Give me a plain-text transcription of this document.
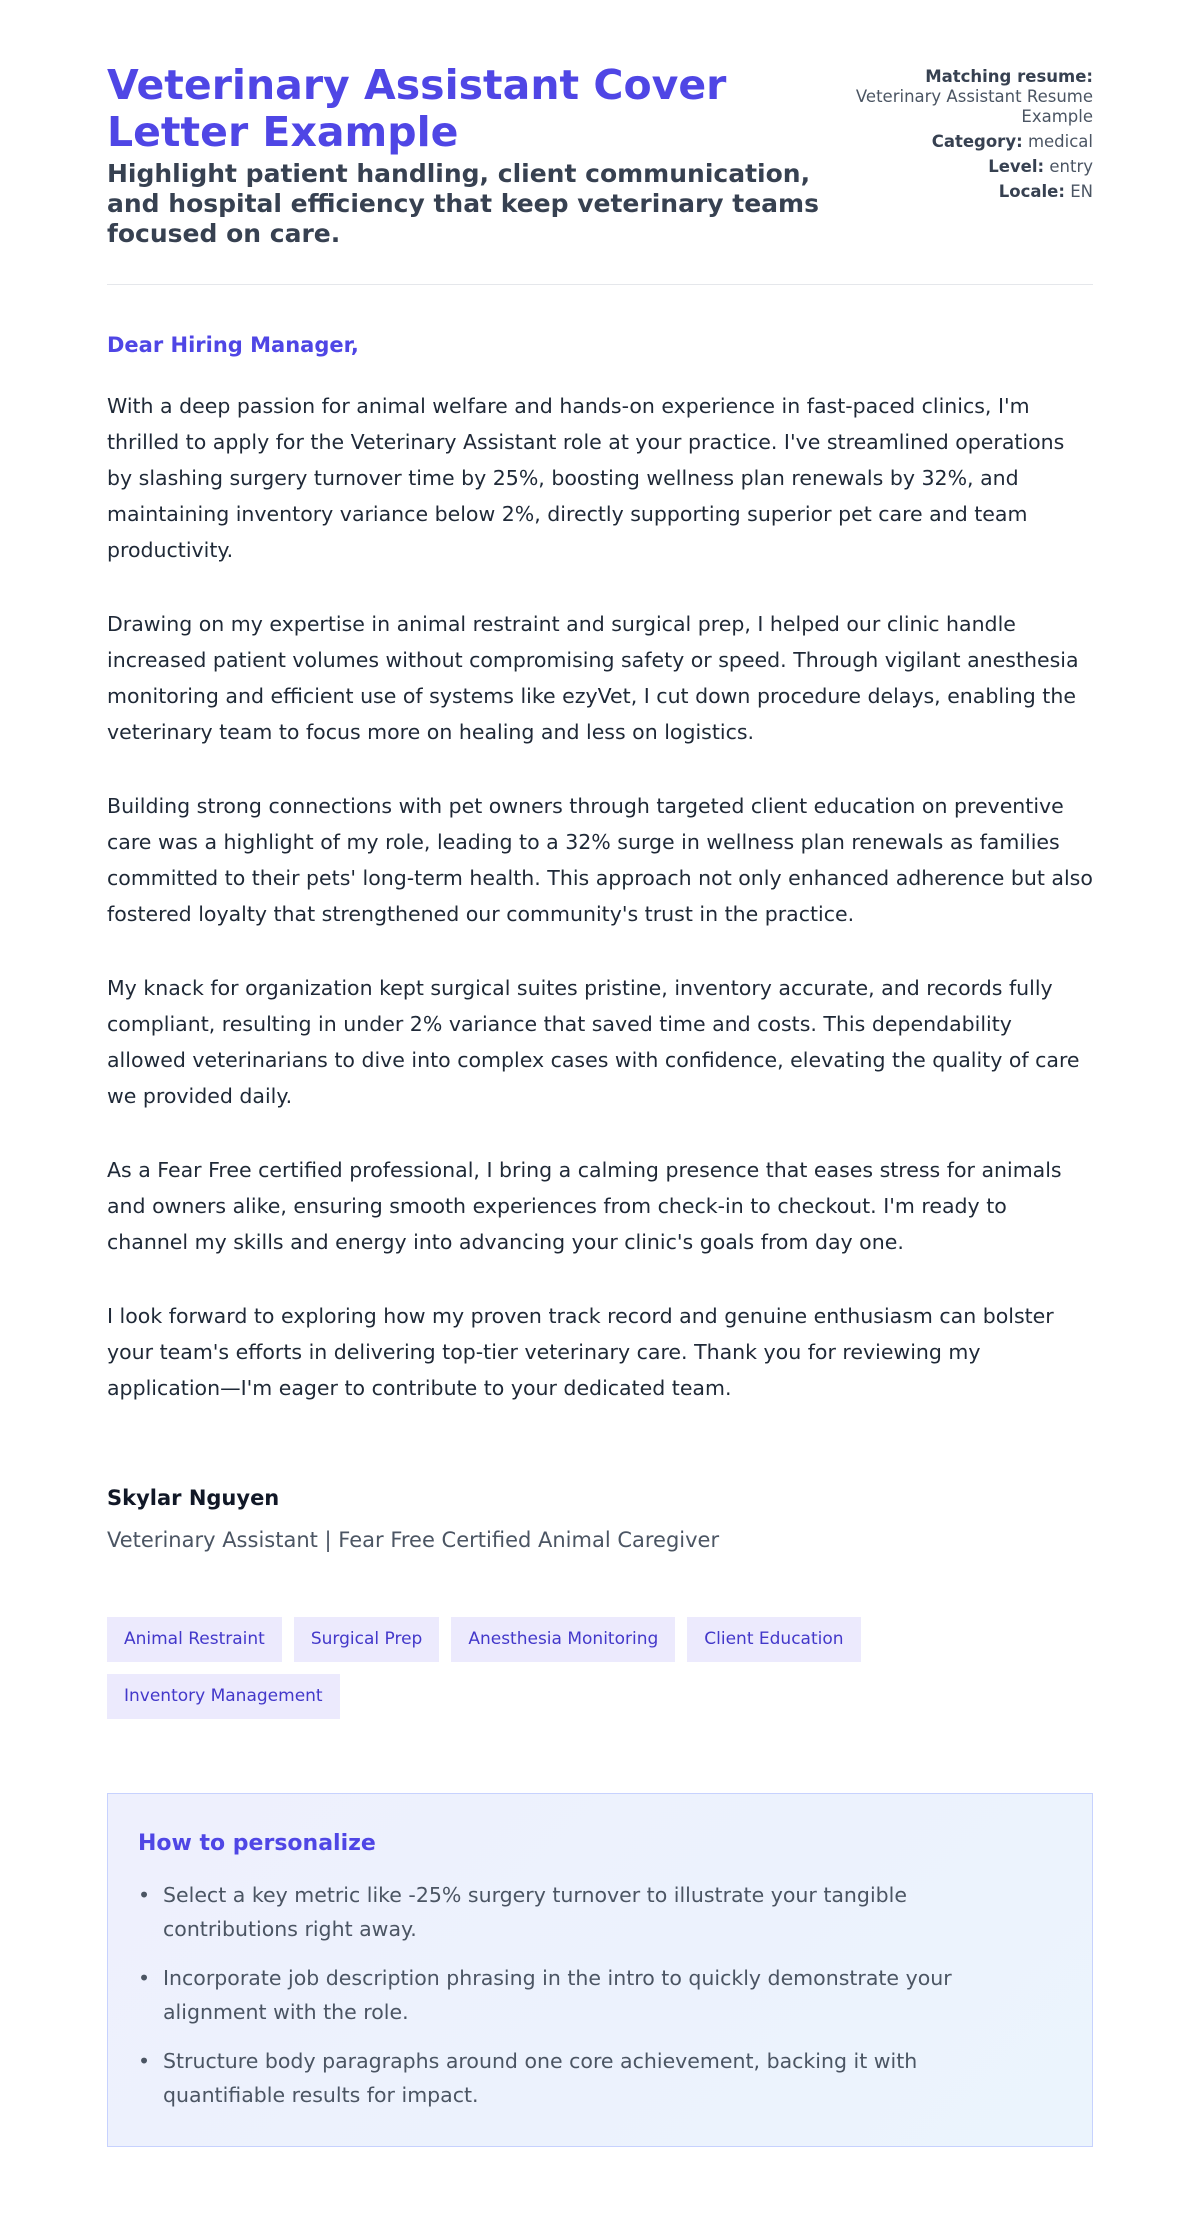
Veterinary Assistant Cover Letter Example
Highlight patient handling, client communication, and hospital efficiency that keep veterinary teams focused on care.
Matching resume:
Veterinary Assistant Resume Example
Category: medical
Level: entry
Locale: EN
Dear Hiring Manager,

With a deep passion for animal welfare and hands-on experience in fast-paced clinics, I'm thrilled to apply for the Veterinary Assistant role at your practice. I've streamlined operations by slashing surgery turnover time by 25%, boosting wellness plan renewals by 32%, and maintaining inventory variance below 2%, directly supporting superior pet care and team productivity.

Drawing on my expertise in animal restraint and surgical prep, I helped our clinic handle increased patient volumes without compromising safety or speed. Through vigilant anesthesia monitoring and efficient use of systems like ezyVet, I cut down procedure delays, enabling the veterinary team to focus more on healing and less on logistics.

Building strong connections with pet owners through targeted client education on preventive care was a highlight of my role, leading to a 32% surge in wellness plan renewals as families committed to their pets' long-term health. This approach not only enhanced adherence but also fostered loyalty that strengthened our community's trust in the practice.

My knack for organization kept surgical suites pristine, inventory accurate, and records fully compliant, resulting in under 2% variance that saved time and costs. This dependability allowed veterinarians to dive into complex cases with confidence, elevating the quality of care we provided daily.

As a Fear Free certified professional, I bring a calming presence that eases stress for animals and owners alike, ensuring smooth experiences from check-in to checkout. I'm ready to channel my skills and energy into advancing your clinic's goals from day one.

I look forward to exploring how my proven track record and genuine enthusiasm can bolster your team's efforts in delivering top-tier veterinary care. Thank you for reviewing my application—I'm eager to contribute to your dedicated team.

Skylar Nguyen
Veterinary Assistant | Fear Free Certified Animal Caregiver
Animal Restraint	Surgical Prep	Anesthesia Monitoring	Client Education
Inventory Management
How to personalize
• Select a key metric like -25% surgery turnover to illustrate your tangible contributions right away.
• Incorporate job description phrasing in the intro to quickly demonstrate your alignment with the role.
• Structure body paragraphs around one core achievement, backing it with quantifiable results for impact.
